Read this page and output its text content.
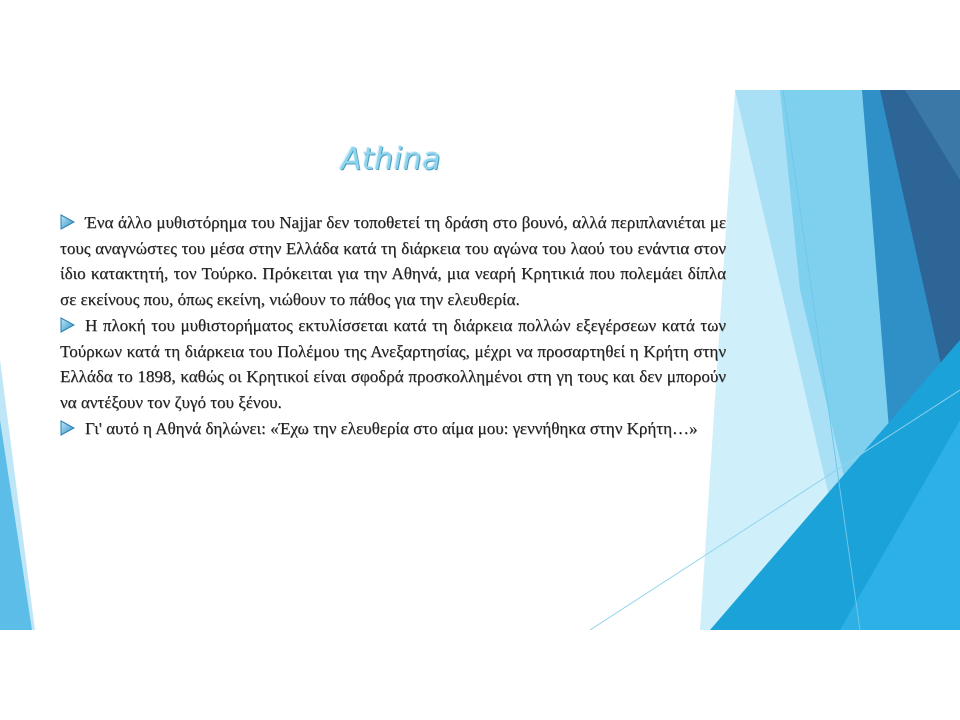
Athina

Ένα άλλο μυθιστόρημα του Najjar δεν τοποθετεί τη δράση στο βουνό, αλλά περιπλανιέται με τους αναγνώστες του μέσα στην Ελλάδα κατά τη διάρκεια του αγώνα του λαού του ενάντια στον ίδιο κατακτητή, τον Τούρκο. Πρόκειται για την Αθηνά, μια νεαρή Κρητικιά που πολεμάει δίπλα σε εκείνους που, όπως εκείνη, νιώθουν το πάθος για την ελευθερία.

Η πλοκή του μυθιστορήματος εκτυλίσσεται κατά τη διάρκεια πολλών εξεγέρσεων κατά των Τούρκων κατά τη διάρκεια του Πολέμου της Ανεξαρτησίας, μέχρι να προσαρτηθεί η Κρήτη στην Ελλάδα το 1898, καθώς οι Κρητικοί είναι σφοδρά προσκολλημένοι στη γη τους και δεν μπορούν να αντέξουν τον ζυγό του ξένου.

Γι' αυτό η Αθηνά δηλώνει: «Έχω την ελευθερία στο αίμα μου: γεννήθηκα στην Κρήτη…»
